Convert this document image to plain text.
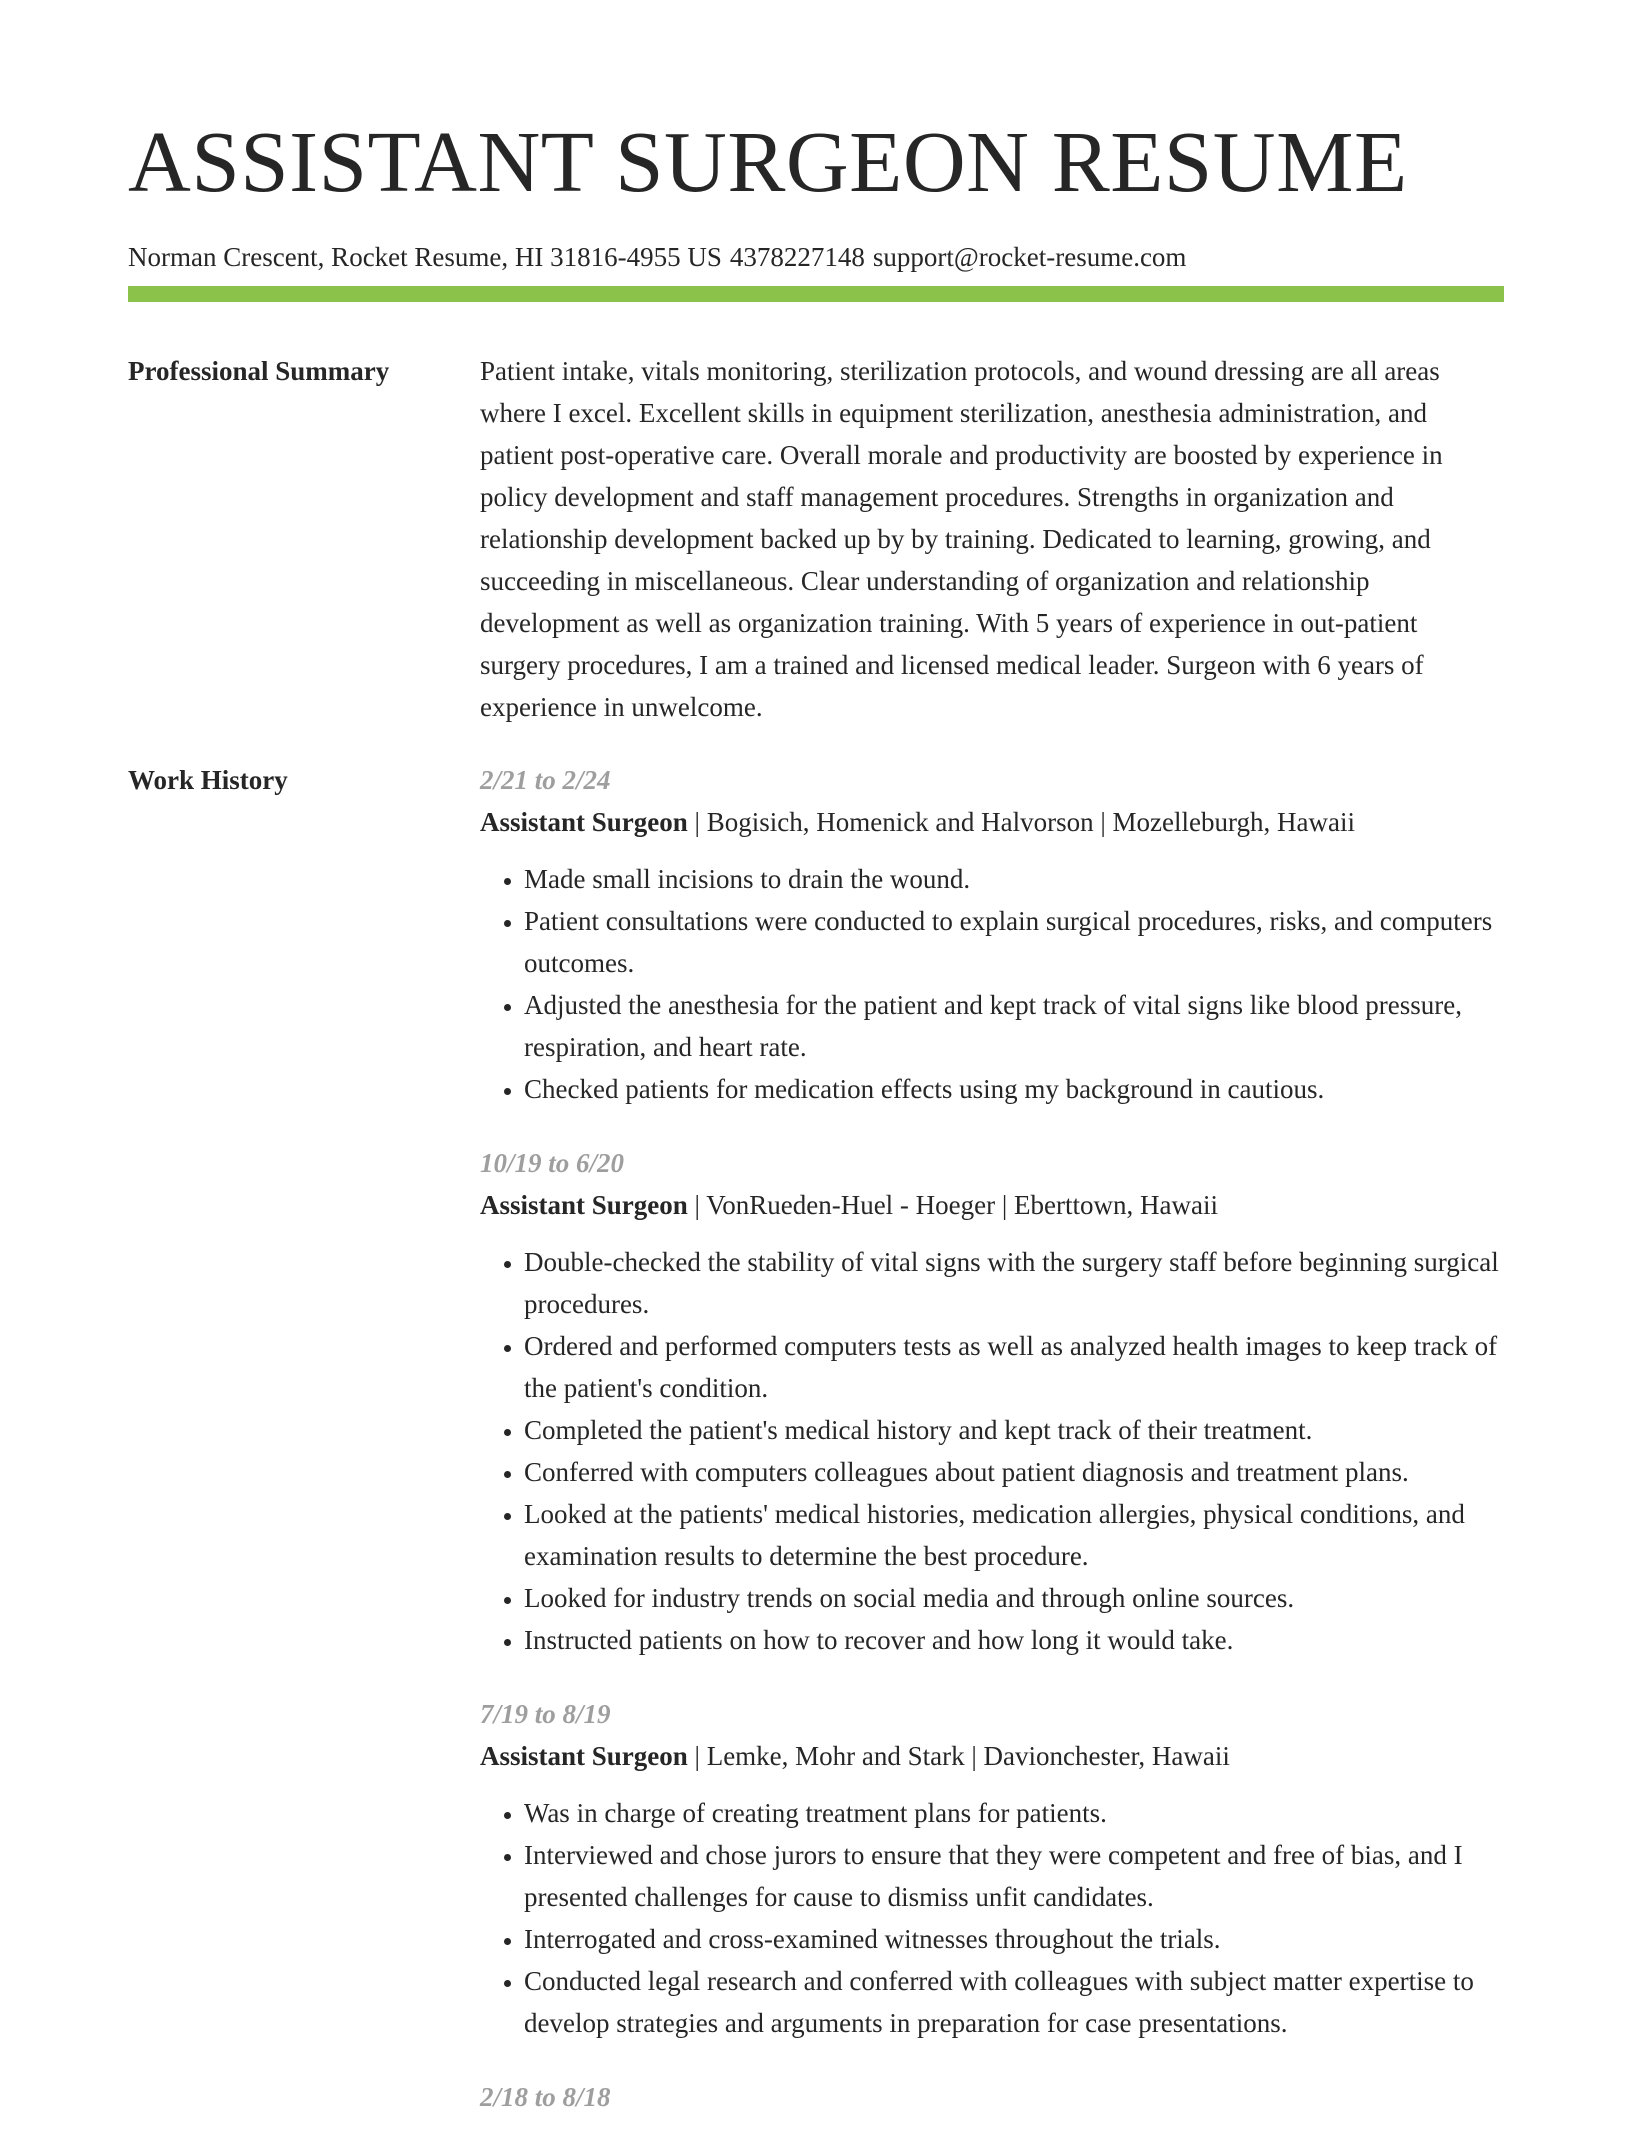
ASSISTANT SURGEON RESUME
Norman Crescent, Rocket Resume, HI 31816-4955 US 4378227148 support@rocket-resume.com
Professional Summary	Patient intake, vitals monitoring, sterilization protocols, and wound dressing are all areas where I excel. Excellent skills in equipment sterilization, anesthesia administration, and patient post-operative care. Overall morale and productivity are boosted by experience in policy development and staff management procedures. Strengths in organization and relationship development backed up by by training. Dedicated to learning, growing, and succeeding in miscellaneous. Clear understanding of organization and relationship development as well as organization training. With 5 years of experience in out-patient surgery procedures, I am a trained and licensed medical leader. Surgeon with 6 years of experience in unwelcome.

Work History	2/21 to 2/24
Assistant Surgeon | Bogisich, Homenick and Halvorson | Mozelleburgh, Hawaii
• Made small incisions to drain the wound.
• Patient consultations were conducted to explain surgical procedures, risks, and computers outcomes.
• Adjusted the anesthesia for the patient and kept track of vital signs like blood pressure, respiration, and heart rate.
• Checked patients for medication effects using my background in cautious.
10/19 to 6/20
Assistant Surgeon | VonRueden-Huel - Hoeger | Eberttown, Hawaii
• Double-checked the stability of vital signs with the surgery staff before beginning surgical procedures.
• Ordered and performed computers tests as well as analyzed health images to keep track of the patient's condition.
• Completed the patient's medical history and kept track of their treatment.
• Conferred with computers colleagues about patient diagnosis and treatment plans.
• Looked at the patients' medical histories, medication allergies, physical conditions, and examination results to determine the best procedure.
• Looked for industry trends on social media and through online sources.
• Instructed patients on how to recover and how long it would take.
7/19 to 8/19
Assistant Surgeon | Lemke, Mohr and Stark | Davionchester, Hawaii
• Was in charge of creating treatment plans for patients.
• Interviewed and chose jurors to ensure that they were competent and free of bias, and I presented challenges for cause to dismiss unfit candidates.
• Interrogated and cross-examined witnesses throughout the trials.
• Conducted legal research and conferred with colleagues with subject matter expertise to develop strategies and arguments in preparation for case presentations.
2/18 to 8/18
